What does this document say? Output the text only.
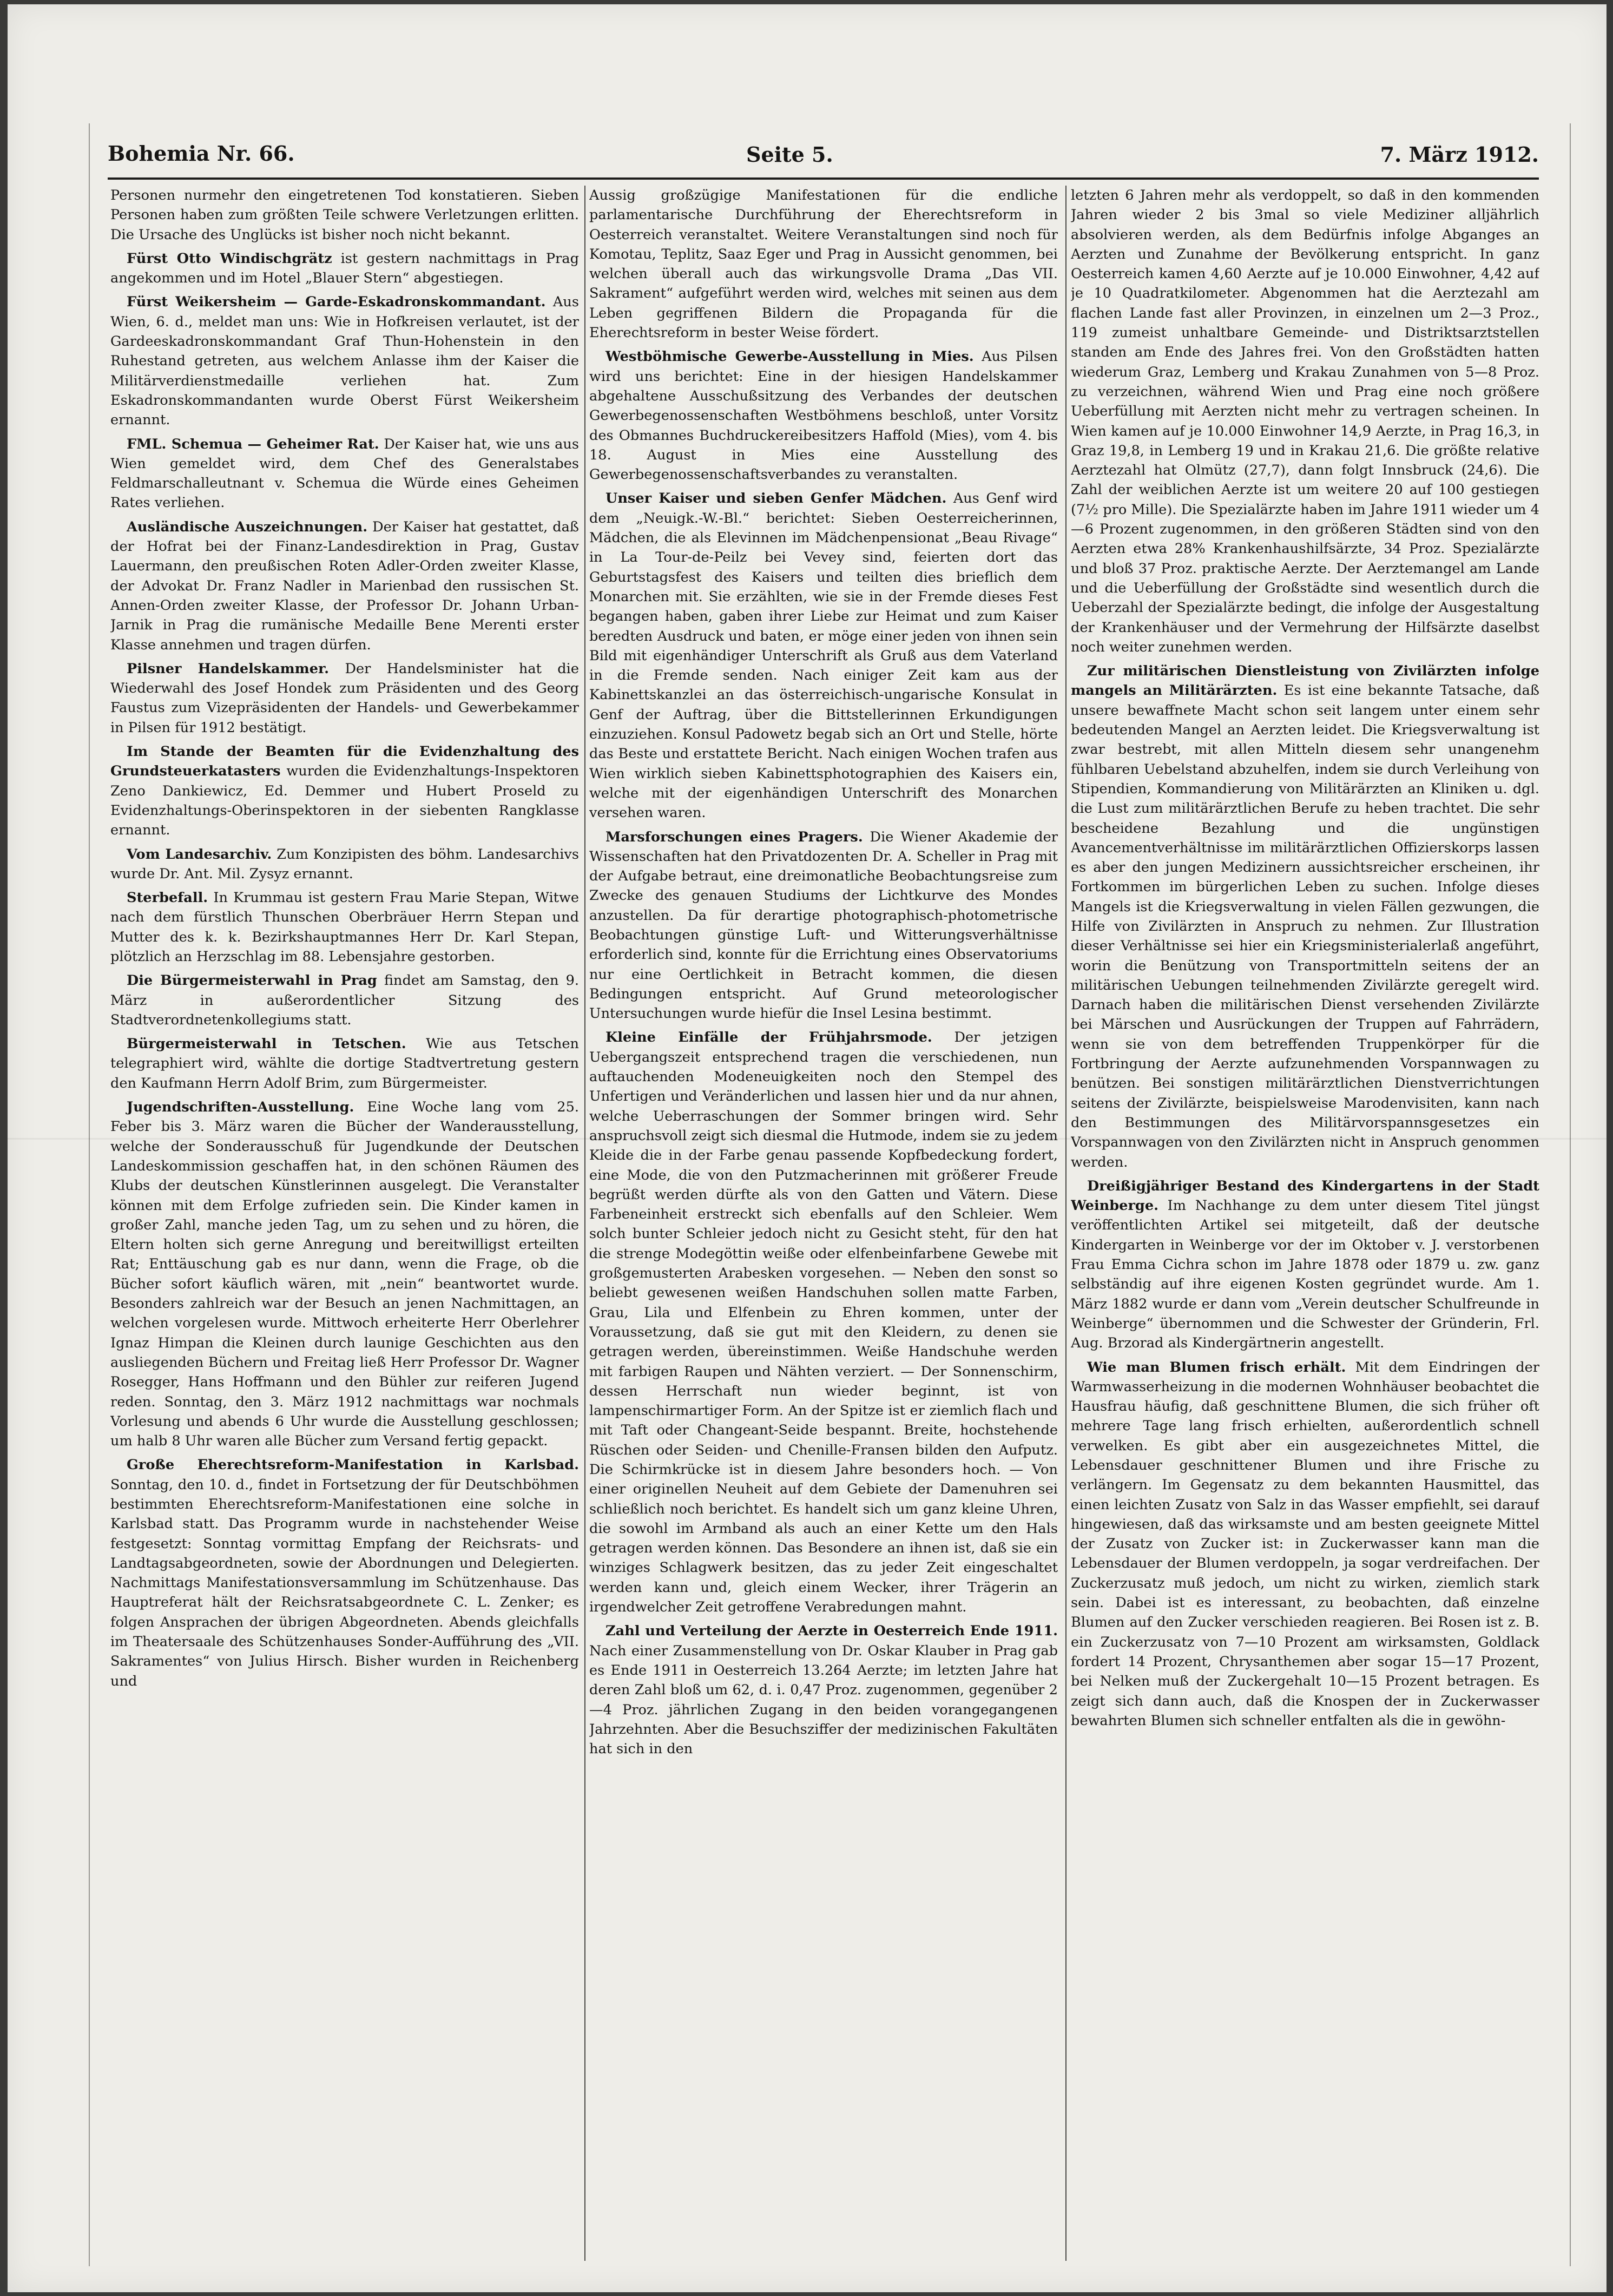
Bohemia Nr. 66.	Seite 5.	7. März 1912.

Personen nurmehr den eingetretenen Tod konstatieren. Sieben Personen haben zum größten Teile schwere Verletzungen erlitten. Die Ursache des Unglücks ist bisher noch nicht bekannt.

Fürst Otto Windischgrätz ist gestern nachmittags in Prag angekommen und im Hotel „Blauer Stern“ abgestiegen.

Fürst Weikersheim — Garde-Eskadronskommandant. Aus Wien, 6. d., meldet man uns: Wie in Hofkreisen verlautet, ist der Gardeeskadronskommandant Graf Thun-Hohenstein in den Ruhestand getreten, aus welchem Anlasse ihm der Kaiser die Militärverdienstmedaille verliehen hat. Zum Eskadronskommandanten wurde Oberst Fürst Weikersheim ernannt.

FML. Schemua — Geheimer Rat. Der Kaiser hat, wie uns aus Wien gemeldet wird, dem Chef des Generalstabes Feldmarschalleutnant v. Schemua die Würde eines Geheimen Rates verliehen.

Ausländische Auszeichnungen. Der Kaiser hat gestattet, daß der Hofrat bei der Finanz-Landesdirektion in Prag, Gustav Lauermann, den preußischen Roten Adler-Orden zweiter Klasse, der Advokat Dr. Franz Nadler in Marienbad den russischen St. Annen-Orden zweiter Klasse, der Professor Dr. Johann Urban-Jarnik in Prag die rumänische Medaille Bene Merenti erster Klasse annehmen und tragen dürfen.

Pilsner Handelskammer. Der Handelsminister hat die Wiederwahl des Josef Hondek zum Präsidenten und des Georg Faustus zum Vizepräsidenten der Handels- und Gewerbekammer in Pilsen für 1912 bestätigt.

Im Stande der Beamten für die Evidenzhaltung des Grundsteuerkatasters wurden die Evidenzhaltungs-Inspektoren Zeno Dankiewicz, Ed. Demmer und Hubert Proseld zu Evidenzhaltungs-Oberinspektoren in der siebenten Rangklasse ernannt.

Vom Landesarchiv. Zum Konzipisten des böhm. Landesarchivs wurde Dr. Ant. Mil. Zysyz ernannt.

Sterbefall. In Krummau ist gestern Frau Marie Stepan, Witwe nach dem fürstlich Thunschen Oberbräuer Herrn Stepan und Mutter des k. k. Bezirkshauptmannes Herr Dr. Karl Stepan, plötzlich an Herzschlag im 88. Lebensjahre gestorben.

Die Bürgermeisterwahl in Prag findet am Samstag, den 9. März in außerordentlicher Sitzung des Stadtverordnetenkollegiums statt.

Bürgermeisterwahl in Tetschen. Wie aus Tetschen telegraphiert wird, wählte die dortige Stadtvertretung gestern den Kaufmann Herrn Adolf Brim, zum Bürgermeister.

Jugendschriften-Ausstellung. Eine Woche lang vom 25. Feber bis 3. März waren die Bücher der Wanderausstellung, welche der Sonderausschuß für Jugendkunde der Deutschen Landeskommission geschaffen hat, in den schönen Räumen des Klubs der deutschen Künstlerinnen ausgelegt. Die Veranstalter können mit dem Erfolge zufrieden sein. Die Kinder kamen in großer Zahl, manche jeden Tag, um zu sehen und zu hören, die Eltern holten sich gerne Anregung und bereitwilligst erteilten Rat; Enttäuschung gab es nur dann, wenn die Frage, ob die Bücher sofort käuflich wären, mit „nein“ beantwortet wurde. Besonders zahlreich war der Besuch an jenen Nachmittagen, an welchen vorgelesen wurde. Mittwoch erheiterte Herr Oberlehrer Ignaz Himpan die Kleinen durch launige Geschichten aus den ausliegenden Büchern und Freitag ließ Herr Professor Dr. Wagner Rosegger, Hans Hoffmann und den Bühler zur reiferen Jugend reden. Sonntag, den 3. März 1912 nachmittags war nochmals Vorlesung und abends 6 Uhr wurde die Ausstellung geschlossen; um halb 8 Uhr waren alle Bücher zum Versand fertig gepackt.

Große Eherechtsreform-Manifestation in Karlsbad. Sonntag, den 10. d., findet in Fortsetzung der für Deutschböhmen bestimmten Eherechtsreform-Manifestationen eine solche in Karlsbad statt. Das Programm wurde in nachstehender Weise festgesetzt: Sonntag vormittag Empfang der Reichsrats- und Landtagsabgeordneten, sowie der Abordnungen und Delegierten. Nachmittags Manifestationsversammlung im Schützenhause. Das Hauptreferat hält der Reichsratsabgeordnete C. L. Zenker; es folgen Ansprachen der übrigen Abgeordneten. Abends gleichfalls im Theatersaale des Schützenhauses Sonder-Aufführung des „VII. Sakramentes“ von Julius Hirsch. Bisher wurden in Reichenberg und

Aussig großzügige Manifestationen für die endliche parlamentarische Durchführung der Eherechtsreform in Oesterreich veranstaltet. Weitere Veranstaltungen sind noch für Komotau, Teplitz, Saaz Eger und Prag in Aussicht genommen, bei welchen überall auch das wirkungsvolle Drama „Das VII. Sakrament“ aufgeführt werden wird, welches mit seinen aus dem Leben gegriffenen Bildern die Propaganda für die Eherechtsreform in bester Weise fördert.

Westböhmische Gewerbe-Ausstellung in Mies. Aus Pilsen wird uns berichtet: Eine in der hiesigen Handelskammer abgehaltene Ausschußsitzung des Verbandes der deutschen Gewerbegenossenschaften Westböhmens beschloß, unter Vorsitz des Obmannes Buchdruckereibesitzers Haffold (Mies), vom 4. bis 18. August in Mies eine Ausstellung des Gewerbegenossenschaftsverbandes zu veranstalten.

Unser Kaiser und sieben Genfer Mädchen. Aus Genf wird dem „Neuigk.-W.-Bl.“ berichtet: Sieben Oesterreicherinnen, Mädchen, die als Elevinnen im Mädchenpensionat „Beau Rivage“ in La Tour-de-Peilz bei Vevey sind, feierten dort das Geburtstagsfest des Kaisers und teilten dies brieflich dem Monarchen mit. Sie erzählten, wie sie in der Fremde dieses Fest begangen haben, gaben ihrer Liebe zur Heimat und zum Kaiser beredten Ausdruck und baten, er möge einer jeden von ihnen sein Bild mit eigenhändiger Unterschrift als Gruß aus dem Vaterland in die Fremde senden. Nach einiger Zeit kam aus der Kabinettskanzlei an das österreichisch-ungarische Konsulat in Genf der Auftrag, über die Bittstellerinnen Erkundigungen einzuziehen. Konsul Padowetz begab sich an Ort und Stelle, hörte das Beste und erstattete Bericht. Nach einigen Wochen trafen aus Wien wirklich sieben Kabinettsphotographien des Kaisers ein, welche mit der eigenhändigen Unterschrift des Monarchen versehen waren.

Marsforschungen eines Pragers. Die Wiener Akademie der Wissenschaften hat den Privatdozenten Dr. A. Scheller in Prag mit der Aufgabe betraut, eine dreimonatliche Beobachtungsreise zum Zwecke des genauen Studiums der Lichtkurve des Mondes anzustellen. Da für derartige photographisch-photometrische Beobachtungen günstige Luft- und Witterungsverhältnisse erforderlich sind, konnte für die Errichtung eines Observatoriums nur eine Oertlichkeit in Betracht kommen, die diesen Bedingungen entspricht. Auf Grund meteorologischer Untersuchungen wurde hiefür die Insel Lesina bestimmt.

Kleine Einfälle der Frühjahrsmode. Der jetzigen Uebergangszeit entsprechend tragen die verschiedenen, nun auftauchenden Modeneuigkeiten noch den Stempel des Unfertigen und Veränderlichen und lassen hier und da nur ahnen, welche Ueberraschungen der Sommer bringen wird. Sehr anspruchsvoll zeigt sich diesmal die Hutmode, indem sie zu jedem Kleide die in der Farbe genau passende Kopfbedeckung fordert, eine Mode, die von den Putzmacherinnen mit größerer Freude begrüßt werden dürfte als von den Gatten und Vätern. Diese Farbeneinheit erstreckt sich ebenfalls auf den Schleier. Wem solch bunter Schleier jedoch nicht zu Gesicht steht, für den hat die strenge Modegöttin weiße oder elfenbeinfarbene Gewebe mit großgemusterten Arabesken vorgesehen. — Neben den sonst so beliebt gewesenen weißen Handschuhen sollen matte Farben, Grau, Lila und Elfenbein zu Ehren kommen, unter der Voraussetzung, daß sie gut mit den Kleidern, zu denen sie getragen werden, übereinstimmen. Weiße Handschuhe werden mit farbigen Raupen und Nähten verziert. — Der Sonnenschirm, dessen Herrschaft nun wieder beginnt, ist von lampenschirmartiger Form. An der Spitze ist er ziemlich flach und mit Taft oder Changeant-Seide bespannt. Breite, hochstehende Rüschen oder Seiden- und Chenille-Fransen bilden den Aufputz. Die Schirmkrücke ist in diesem Jahre besonders hoch. — Von einer originellen Neuheit auf dem Gebiete der Damenuhren sei schließlich noch berichtet. Es handelt sich um ganz kleine Uhren, die sowohl im Armband als auch an einer Kette um den Hals getragen werden können. Das Besondere an ihnen ist, daß sie ein winziges Schlagwerk besitzen, das zu jeder Zeit eingeschaltet werden kann und, gleich einem Wecker, ihrer Trägerin an irgendwelcher Zeit getroffene Verabredungen mahnt.

Zahl und Verteilung der Aerzte in Oesterreich Ende 1911. Nach einer Zusammenstellung von Dr. Oskar Klauber in Prag gab es Ende 1911 in Oesterreich 13.264 Aerzte; im letzten Jahre hat deren Zahl bloß um 62, d. i. 0,47 Proz. zugenommen, gegenüber 2—4 Proz. jährlichen Zugang in den beiden vorangegangenen Jahrzehnten. Aber die Besuchsziffer der medizinischen Fakultäten hat sich in den

letzten 6 Jahren mehr als verdoppelt, so daß in den kommenden Jahren wieder 2 bis 3mal so viele Mediziner alljährlich absolvieren werden, als dem Bedürfnis infolge Abganges an Aerzten und Zunahme der Bevölkerung entspricht. In ganz Oesterreich kamen 4,60 Aerzte auf je 10.000 Einwohner, 4,42 auf je 10 Quadratkilometer. Abgenommen hat die Aerztezahl am flachen Lande fast aller Provinzen, in einzelnen um 2—3 Proz., 119 zumeist unhaltbare Gemeinde- und Distriktsarztstellen standen am Ende des Jahres frei. Von den Großstädten hatten wiederum Graz, Lemberg und Krakau Zunahmen von 5—8 Proz. zu verzeichnen, während Wien und Prag eine noch größere Ueberfüllung mit Aerzten nicht mehr zu vertragen scheinen. In Wien kamen auf je 10.000 Einwohner 14,9 Aerzte, in Prag 16,3, in Graz 19,8, in Lemberg 19 und in Krakau 21,6. Die größte relative Aerztezahl hat Olmütz (27,7), dann folgt Innsbruck (24,6). Die Zahl der weiblichen Aerzte ist um weitere 20 auf 100 gestiegen (7½ pro Mille). Die Spezialärzte haben im Jahre 1911 wieder um 4—6 Prozent zugenommen, in den größeren Städten sind von den Aerzten etwa 28% Krankenhaushilfsärzte, 34 Proz. Spezialärzte und bloß 37 Proz. praktische Aerzte. Der Aerztemangel am Lande und die Ueberfüllung der Großstädte sind wesentlich durch die Ueberzahl der Spezialärzte bedingt, die infolge der Ausgestaltung der Krankenhäuser und der Vermehrung der Hilfsärzte daselbst noch weiter zunehmen werden.

Zur militärischen Dienstleistung von Zivilärzten infolge mangels an Militärärzten. Es ist eine bekannte Tatsache, daß unsere bewaffnete Macht schon seit langem unter einem sehr bedeutenden Mangel an Aerzten leidet. Die Kriegsverwaltung ist zwar bestrebt, mit allen Mitteln diesem sehr unangenehm fühlbaren Uebelstand abzuhelfen, indem sie durch Verleihung von Stipendien, Kommandierung von Militärärzten an Kliniken u. dgl. die Lust zum militärärztlichen Berufe zu heben trachtet. Die sehr bescheidene Bezahlung und die ungünstigen Avancementverhältnisse im militärärztlichen Offizierskorps lassen es aber den jungen Medizinern aussichtsreicher erscheinen, ihr Fortkommen im bürgerlichen Leben zu suchen. Infolge dieses Mangels ist die Kriegsverwaltung in vielen Fällen gezwungen, die Hilfe von Zivilärzten in Anspruch zu nehmen. Zur Illustration dieser Verhältnisse sei hier ein Kriegsministerialerlaß angeführt, worin die Benützung von Transportmitteln seitens der an militärischen Uebungen teilnehmenden Zivilärzte geregelt wird. Darnach haben die militärischen Dienst versehenden Zivilärzte bei Märschen und Ausrückungen der Truppen auf Fahrrädern, wenn sie von dem betreffenden Truppenkörper für die Fortbringung der Aerzte aufzunehmenden Vorspannwagen zu benützen. Bei sonstigen militärärztlichen Dienstverrichtungen seitens der Zivilärzte, beispielsweise Marodenvisiten, kann nach den Bestimmungen des Militärvorspannsgesetzes ein Vorspannwagen von den Zivilärzten nicht in Anspruch genommen werden.

Dreißigjähriger Bestand des Kindergartens in der Stadt Weinberge. Im Nachhange zu dem unter diesem Titel jüngst veröffentlichten Artikel sei mitgeteilt, daß der deutsche Kindergarten in Weinberge vor der im Oktober v. J. verstorbenen Frau Emma Cichra schon im Jahre 1878 oder 1879 u. zw. ganz selbständig auf ihre eigenen Kosten gegründet wurde. Am 1. März 1882 wurde er dann vom „Verein deutscher Schulfreunde in Weinberge“ übernommen und die Schwester der Gründerin, Frl. Aug. Brzorad als Kindergärtnerin angestellt.

Wie man Blumen frisch erhält. Mit dem Eindringen der Warmwasserheizung in die modernen Wohnhäuser beobachtet die Hausfrau häufig, daß geschnittene Blumen, die sich früher oft mehrere Tage lang frisch erhielten, außerordentlich schnell verwelken. Es gibt aber ein ausgezeichnetes Mittel, die Lebensdauer geschnittener Blumen und ihre Frische zu verlängern. Im Gegensatz zu dem bekannten Hausmittel, das einen leichten Zusatz von Salz in das Wasser empfiehlt, sei darauf hingewiesen, daß das wirksamste und am besten geeignete Mittel der Zusatz von Zucker ist: in Zuckerwasser kann man die Lebensdauer der Blumen verdoppeln, ja sogar verdreifachen. Der Zuckerzusatz muß jedoch, um nicht zu wirken, ziemlich stark sein. Dabei ist es interessant, zu beobachten, daß einzelne Blumen auf den Zucker verschieden reagieren. Bei Rosen ist z. B. ein Zuckerzusatz von 7—10 Prozent am wirksamsten, Goldlack fordert 14 Prozent, Chrysanthemen aber sogar 15—17 Prozent, bei Nelken muß der Zuckergehalt 10—15 Prozent betragen. Es zeigt sich dann auch, daß die Knospen der in Zuckerwasser bewahrten Blumen sich schneller entfalten als die in gewöhn-
